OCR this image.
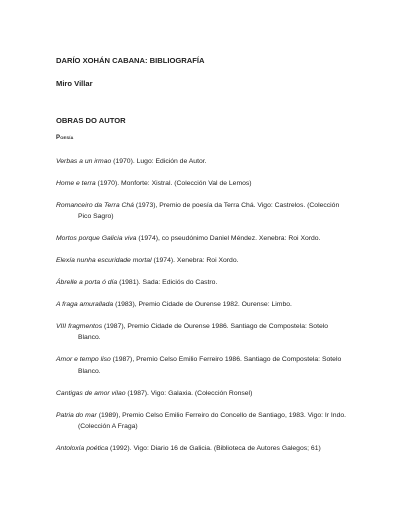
DARÍO XOHÁN CABANA: BIBLIOGRAFÍA
Miro Villar
OBRAS DO AUTOR
Poesía

Verbas a un irmao (1970). Lugo: Edición de Autor.

Home e terra (1970). Monforte: Xistral. (Colección Val de Lemos)

Romanceiro da Terra Chá (1973), Premio de poesía da Terra Chá. Vigo: Castrelos. (Colección Pico Sagro)

Mortos porque Galicia viva (1974), co pseudónimo Daniel Méndez. Xenebra: Roi Xordo.

Elexía nunha escuridade mortal (1974). Xenebra: Roi Xordo.

Ábrelle a porta ó día (1981). Sada: Ediciós do Castro.

A fraga amurallada (1983), Premio Cidade de Ourense 1982. Ourense: Limbo.

VIII fragmentos (1987), Premio Cidade de Ourense 1986. Santiago de Compostela: Sotelo Blanco.

Amor e tempo liso (1987), Premio Celso Emilio Ferreiro 1986. Santiago de Compostela: Sotelo Blanco.

Cantigas de amor vilao (1987). Vigo: Galaxia. (Colección Ronsel)

Patria do mar (1989), Premio Celso Emilio Ferreiro do Concello de Santiago, 1983. Vigo: Ir Indo. (Colección A Fraga)

Antoloxía poética (1992). Vigo: Diario 16 de Galicia. (Biblioteca de Autores Galegos; 61)
